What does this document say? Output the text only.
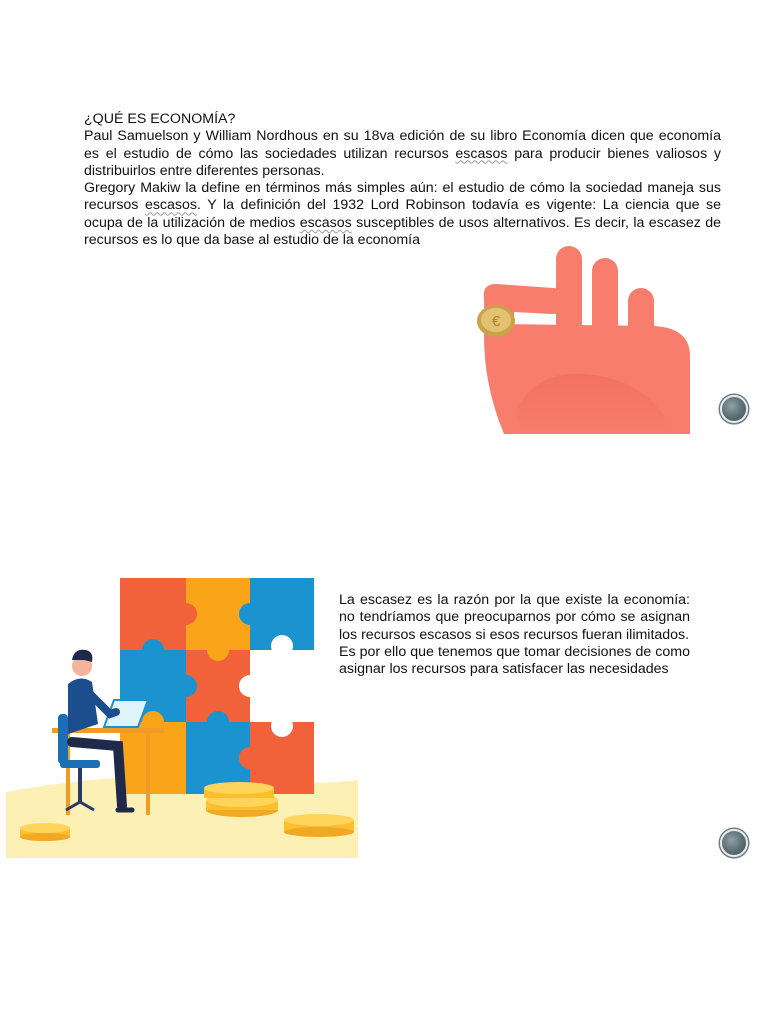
¿QUÉ ES ECONOMÍA?

Paul Samuelson y William Nordhous en su 18va edición de su libro Economía dicen que economía es el estudio de cómo las sociedades utilizan recursos escasos para producir bienes valiosos y distribuirlos entre diferentes personas.

Gregory Makiw la define en términos más simples aún: el estudio de cómo la sociedad maneja sus recursos escasos. Y la definición del 1932 Lord Robinson todavía es vigente: La ciencia que se ocupa de la utilización de medios escasos susceptibles de usos alternativos. Es decir, la escasez de recursos es lo que da base al estudio de la economía

€

La escasez es la razón por la que existe la economía: no tendríamos que preocuparnos por cómo se asignan los recursos escasos si esos recursos fueran ilimitados.

Es por ello que tenemos que tomar decisiones de como asignar los recursos para satisfacer las necesidades
